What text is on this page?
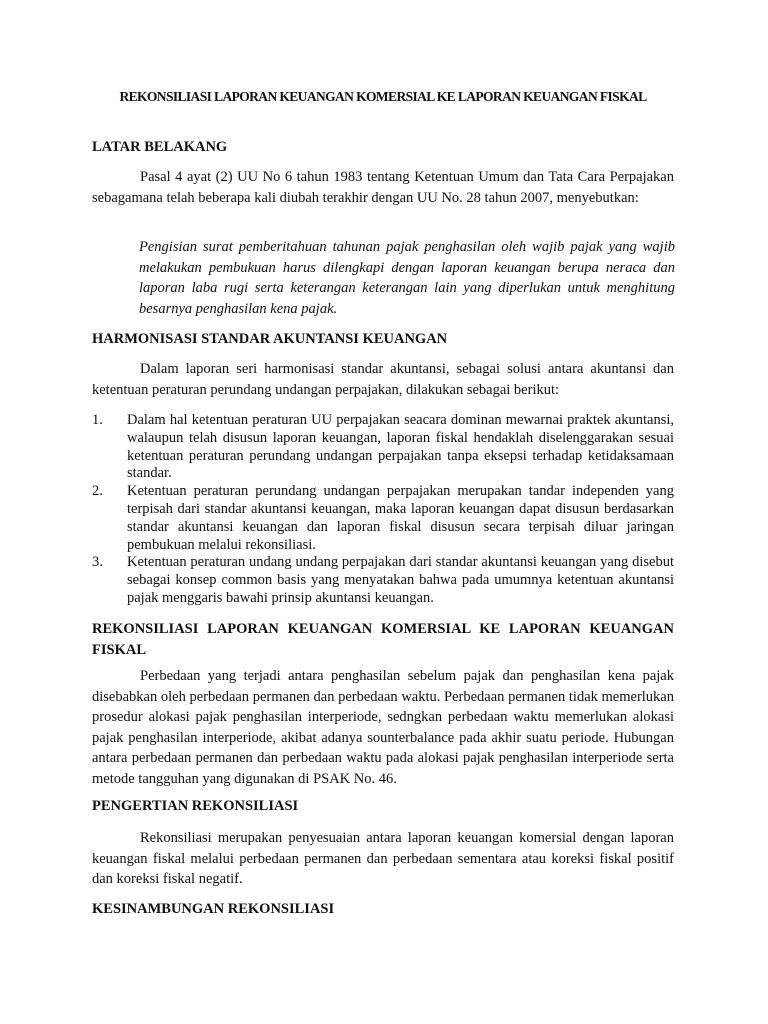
REKONSILIASI LAPORAN KEUANGAN KOMERSIAL KE LAPORAN KEUANGAN FISKAL
LATAR BELAKANG
Pasal 4 ayat (2) UU No 6 tahun 1983 tentang Ketentuan Umum dan Tata Cara Perpajakan sebagamana telah beberapa kali diubah terakhir dengan UU No. 28 tahun 2007, menyebutkan:
Pengisian surat pemberitahuan tahunan pajak penghasilan oleh wajib pajak yang wajib melakukan pembukuan harus dilengkapi dengan laporan keuangan berupa neraca dan laporan laba rugi serta keterangan keterangan lain yang diperlukan untuk menghitung besarnya penghasilan kena pajak.
HARMONISASI STANDAR AKUNTANSI KEUANGAN
Dalam laporan seri harmonisasi standar akuntansi, sebagai solusi antara akuntansi dan ketentuan peraturan perundang undangan perpajakan, dilakukan sebagai berikut:
1. Dalam hal ketentuan peraturan UU perpajakan seacara dominan mewarnai praktek akuntansi, walaupun telah disusun laporan keuangan, laporan fiskal hendaklah diselenggarakan sesuai ketentuan peraturan perundang undangan perpajakan tanpa eksepsi terhadap ketidaksamaan standar.
2. Ketentuan peraturan perundang undangan perpajakan merupakan tandar independen yang terpisah dari standar akuntansi keuangan, maka laporan keuangan dapat disusun berdasarkan standar akuntansi keuangan dan laporan fiskal disusun secara terpisah diluar jaringan pembukuan melalui rekonsiliasi.
3. Ketentuan peraturan undang undang perpajakan dari standar akuntansi keuangan yang disebut sebagai konsep common basis yang menyatakan bahwa pada umumnya ketentuan akuntansi pajak menggaris bawahi prinsip akuntansi keuangan.
REKONSILIASI LAPORAN KEUANGAN KOMERSIAL KE LAPORAN KEUANGAN FISKAL
Perbedaan yang terjadi antara penghasilan sebelum pajak dan penghasilan kena pajak disebabkan oleh perbedaan permanen dan perbedaan waktu. Perbedaan permanen tidak memerlukan prosedur alokasi pajak penghasilan interperiode, sedngkan perbedaan waktu memerlukan alokasi pajak penghasilan interperiode, akibat adanya sounterbalance pada akhir suatu periode. Hubungan antara perbedaan permanen dan perbedaan waktu pada alokasi pajak penghasilan interperiode serta metode tangguhan yang digunakan di PSAK No. 46.
PENGERTIAN REKONSILIASI
Rekonsiliasi merupakan penyesuaian antara laporan keuangan komersial dengan laporan keuangan fiskal melalui perbedaan permanen dan perbedaan sementara atau koreksi fiskal positif dan koreksi fiskal negatif.
KESINAMBUNGAN REKONSILIASI
